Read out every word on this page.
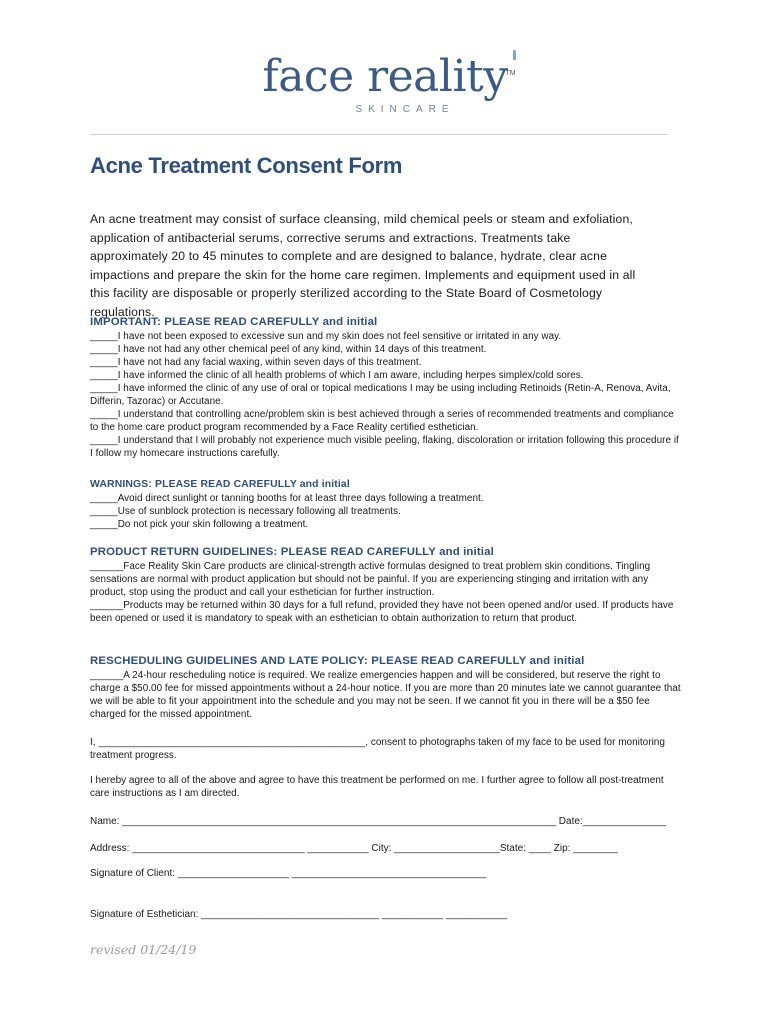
face reality
TM
SKINCARE
Acne Treatment Consent Form

An acne treatment may consist of surface cleansing, mild chemical peels or steam and exfoliation, application of antibacterial serums, corrective serums and extractions. Treatments take approximately 20 to 45 minutes to complete and are designed to balance, hydrate, clear acne impactions and prepare the skin for the home care regimen. Implements and equipment used in all this facility are disposable or properly sterilized according to the State Board of Cosmetology regulations.

IMPORTANT: PLEASE READ CAREFULLY and initial

_____I have not been exposed to excessive sun and my skin does not feel sensitive or irritated in any way.

_____I have not had any other chemical peel of any kind, within 14 days of this treatment.

_____I have not had any facial waxing, within seven days of this treatment.

_____I have informed the clinic of all health problems of which I am aware, including herpes simplex/cold sores.

_____I have informed the clinic of any use of oral or topical medications I may be using including Retinoids (Retin-A, Renova, Avita, Differin, Tazorac) or Accutane.

_____I understand that controlling acne/problem skin is best achieved through a series of recommended treatments and compliance to the home care product program recommended by a Face Reality certified esthetician.

_____I understand that I will probably not experience much visible peeling, flaking, discoloration or irritation following this procedure if I follow my homecare instructions carefully.

WARNINGS: PLEASE READ CAREFULLY and initial

_____Avoid direct sunlight or tanning booths for at least three days following a treatment.

_____Use of sunblock protection is necessary following all treatments.

_____Do not pick your skin following a treatment.

PRODUCT RETURN GUIDELINES: PLEASE READ CAREFULLY and initial

______Face Reality Skin Care products are clinical-strength active formulas designed to treat problem skin conditions. Tingling sensations are normal with product application but should not be painful. If you are experiencing stinging and irritation with any product, stop using the product and call your esthetician for further instruction.

______Products may be returned within 30 days for a full refund, provided they have not been opened and/or used. If products have been opened or used it is mandatory to speak with an esthetician to obtain authorization to return that product.

RESCHEDULING GUIDELINES AND LATE POLICY: PLEASE READ CAREFULLY and initial

______A 24-hour rescheduling notice is required. We realize emergencies happen and will be considered, but reserve the right to charge a $50.00 fee for missed appointments without a 24-hour notice. If you are more than 20 minutes late we cannot guarantee that we will be able to fit your appointment into the schedule and you may not be seen. If we cannot fit you in there will be a $50 fee charged for the missed appointment.

I, ________________________________________________, consent to photographs taken of my face to be used for monitoring treatment progress.

I hereby agree to all of the above and agree to have this treatment be performed on me. I further agree to follow all post-treatment care instructions as I am directed.

Name: ______________________________________________________________________________ Date:_______________

Address: _______________________________ ___________ City: ___________________State: ____ Zip: ________

Signature of Client: ____________________ ___________________________________

Signature of Esthetician: ________________________________ ___________ ___________

revised 01/24/19
